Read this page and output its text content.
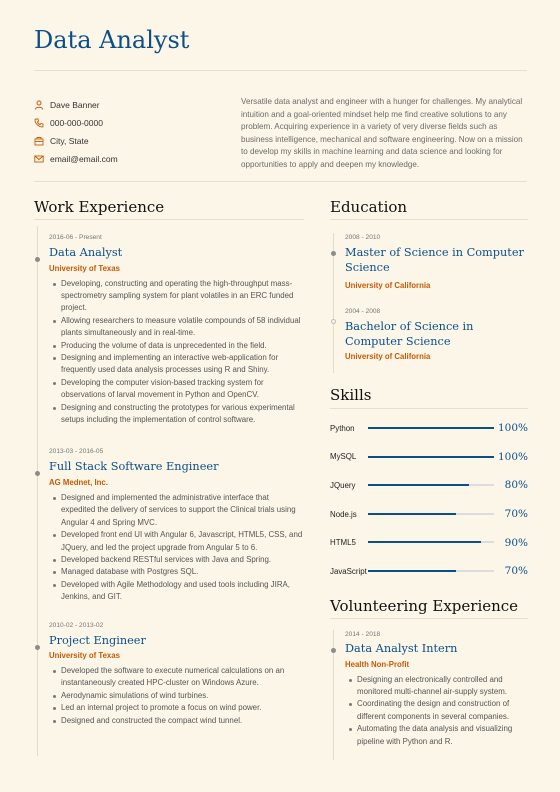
Data Analyst
Dave Banner
000-000-0000
City, State
email@email.com

Versatile data analyst and engineer with a hunger for challenges. My analytical intuition and a goal-oriented mindset help me find creative solutions to any problem. Acquiring experience in a variety of very diverse fields such as business intelligence, mechanical and software engineering. Now on a mission to develop my skills in machine learning and data science and looking for opportunities to apply and deepen my knowledge.

Work Experience
2016-06 - Present
Data Analyst
University of Texas
Developing, constructing and operating the high-throughput mass-spectrometry sampling system for plant volatiles in an ERC funded project.
Allowing researchers to measure volatile compounds of 58 individual plants simultaneously and in real-time.
Producing the volume of data is unprecedented in the field.
Designing and implementing an interactive web-application for frequently used data analysis processes using R and Shiny.
Developing the computer vision-based tracking system for observations of larval movement in Python and OpenCV.
Designing and constructing the prototypes for various experimental setups including the implementation of control software.
2013-03 - 2016-05
Full Stack Software Engineer
AG Mednet, Inc.
Designed and implemented the administrative interface that expedited the delivery of services to support the Clinical trials using Angular 4 and Spring MVC.
Developed front end UI with Angular 6, Javascript, HTML5, CSS, and JQuery, and led the project upgrade from Angular 5 to 6.
Developed backend RESTful services with Java and Spring.
Managed database with Postgres SQL.
Developed with Agile Methodology and used tools including JIRA, Jenkins, and GIT.
2010-02 - 2013-02
Project Engineer
University of Texas
Developed the software to execute numerical calculations on an instantaneously created HPC-cluster on Windows Azure.
Aerodynamic simulations of wind turbines.
Led an internal project to promote a focus on wind power.
Designed and constructed the compact wind tunnel.
Education
2008 - 2010
Master of Science in Computer Science
University of California
2004 - 2008
Bachelor of Science in Computer Science
University of California
Skills
Python	100%
MySQL	100%
JQuery	80%
Node.js	70%
HTML5	90%
JavaScript	70%
Volunteering Experience
2014 - 2018
Data Analyst Intern
Health Non-Profit
Designing an electronically controlled and monitored multi-channel air-supply system.
Coordinating the design and construction of different components in several companies.
Automating the data analysis and visualizing pipeline with Python and R.
